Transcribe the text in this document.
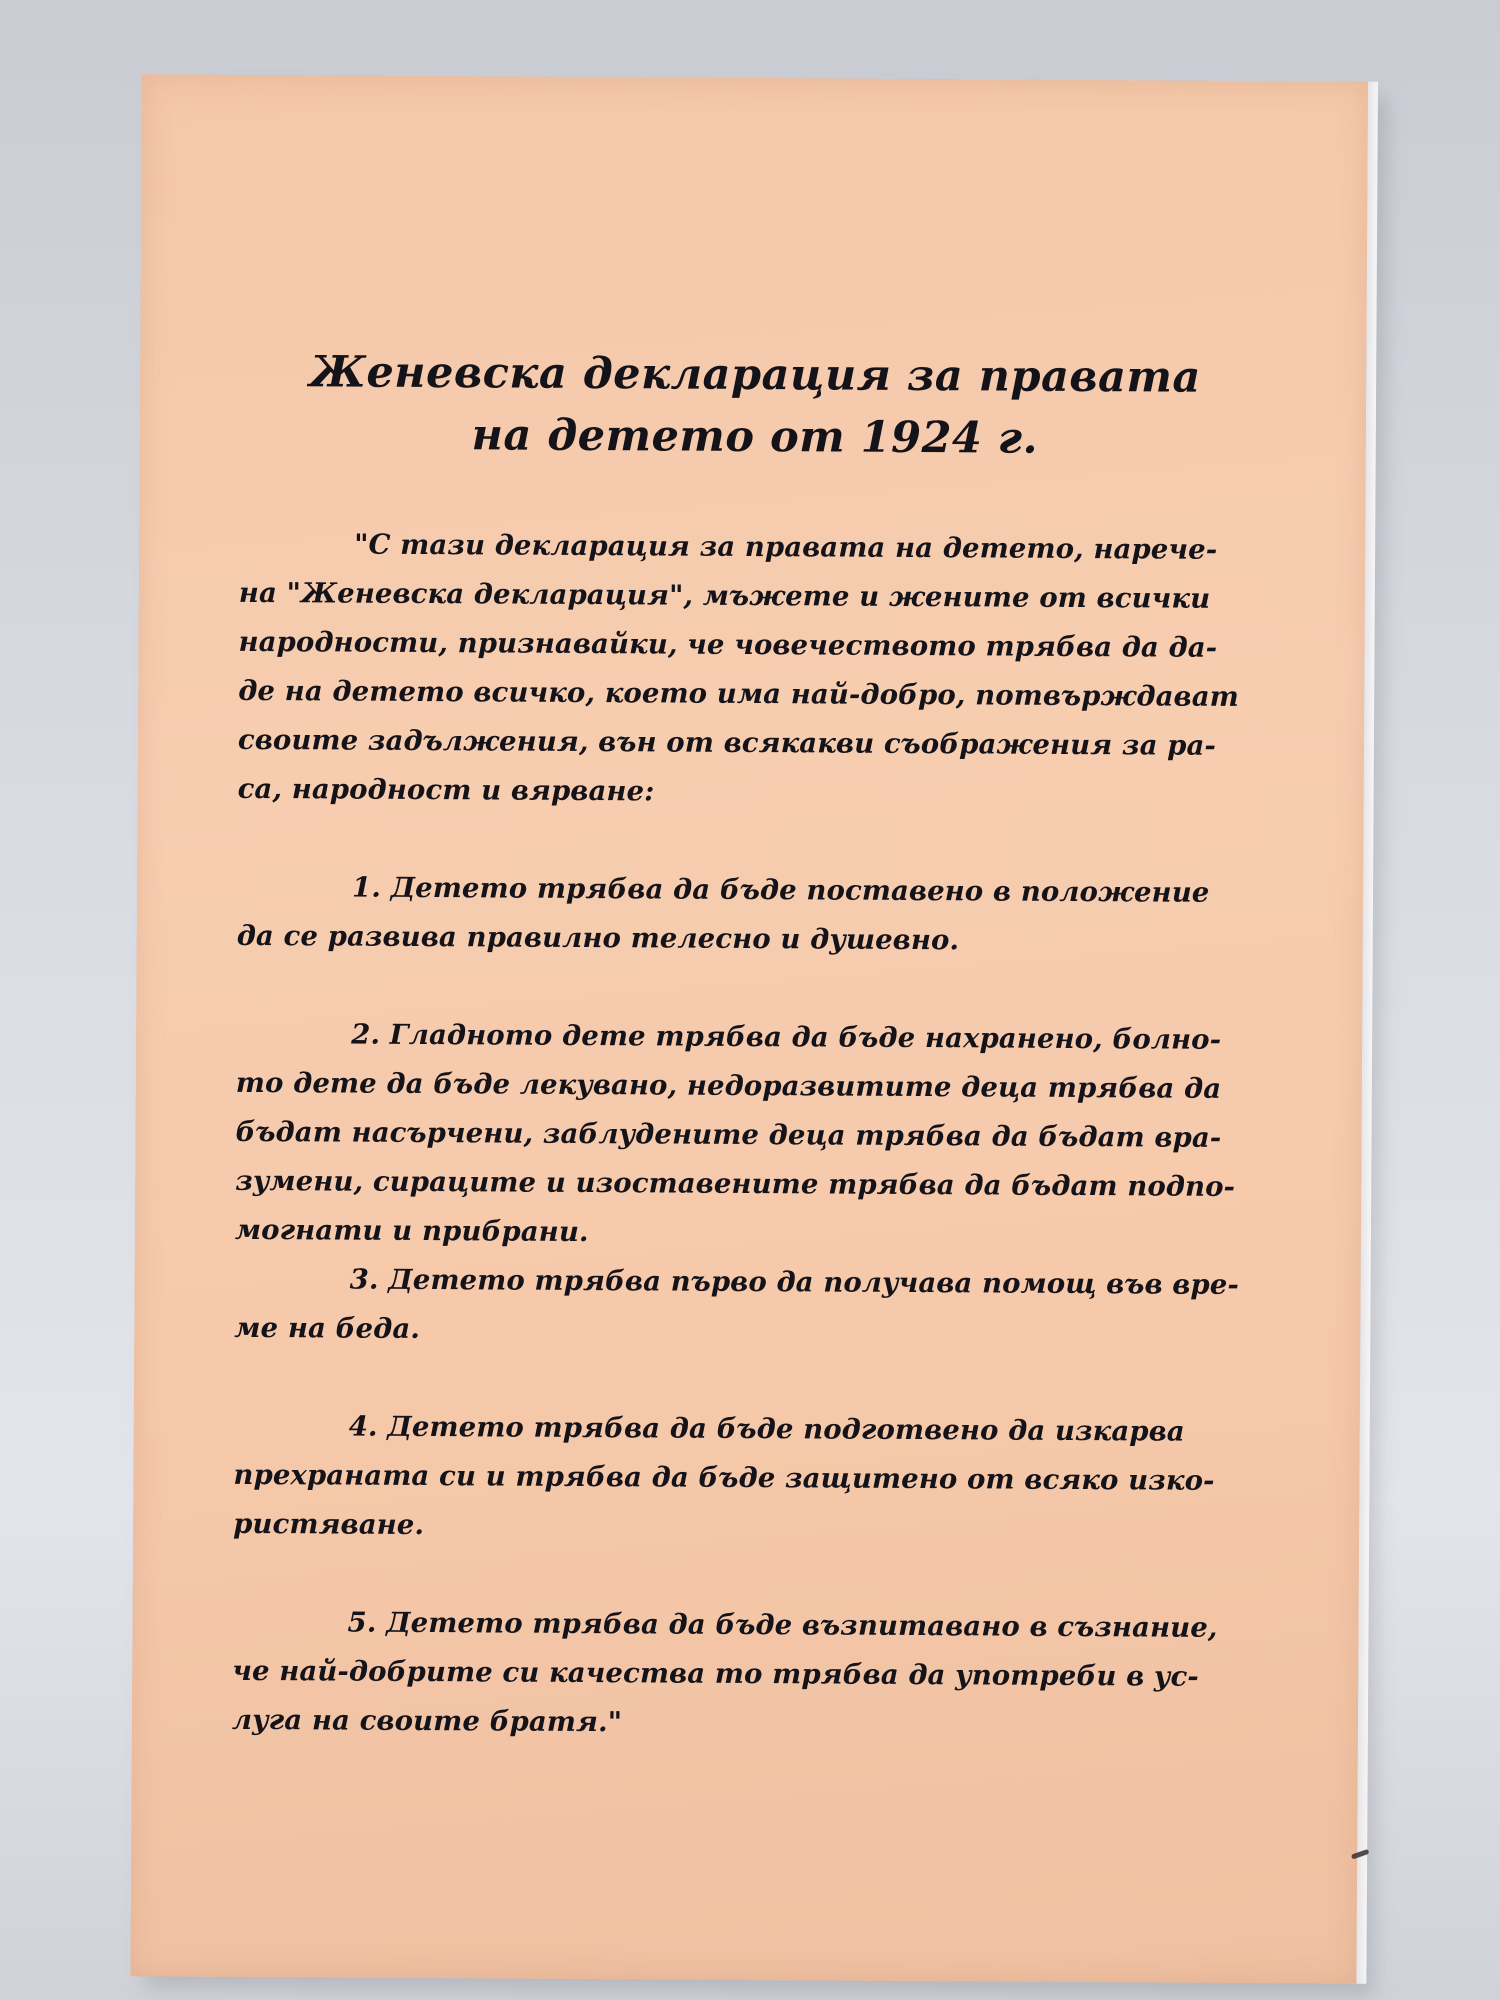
Женевска декларация за правата
на детето от 1924 г.

"С тази декларация за правата на детето, нарече-
на "Женевска декларация", мъжете и жените от всички
народности, признавайки, че човечеството трябва да да-
де на детето всичко, което има най-добро, потвърждават
своите задължения, вън от всякакви съображения за ра-
са, народност и вярване:

1. Детето трябва да бъде поставено в положение
да се развива правилно телесно и душевно.

2. Гладното дете трябва да бъде нахранено, болно-
то дете да бъде лекувано, недоразвитите деца трябва да
бъдат насърчени, заблудените деца трябва да бъдат вра-
зумени, сираците и изоставените трябва да бъдат подпо-
могнати и прибрани.

3. Детето трябва първо да получава помощ във вре-
ме на беда.

4. Детето трябва да бъде подготвено да изкарва
прехраната си и трябва да бъде защитено от всяко изко-
ристяване.

5. Детето трябва да бъде възпитавано в съзнание,
че най-добрите си качества то трябва да употреби в ус-
луга на своите братя."
